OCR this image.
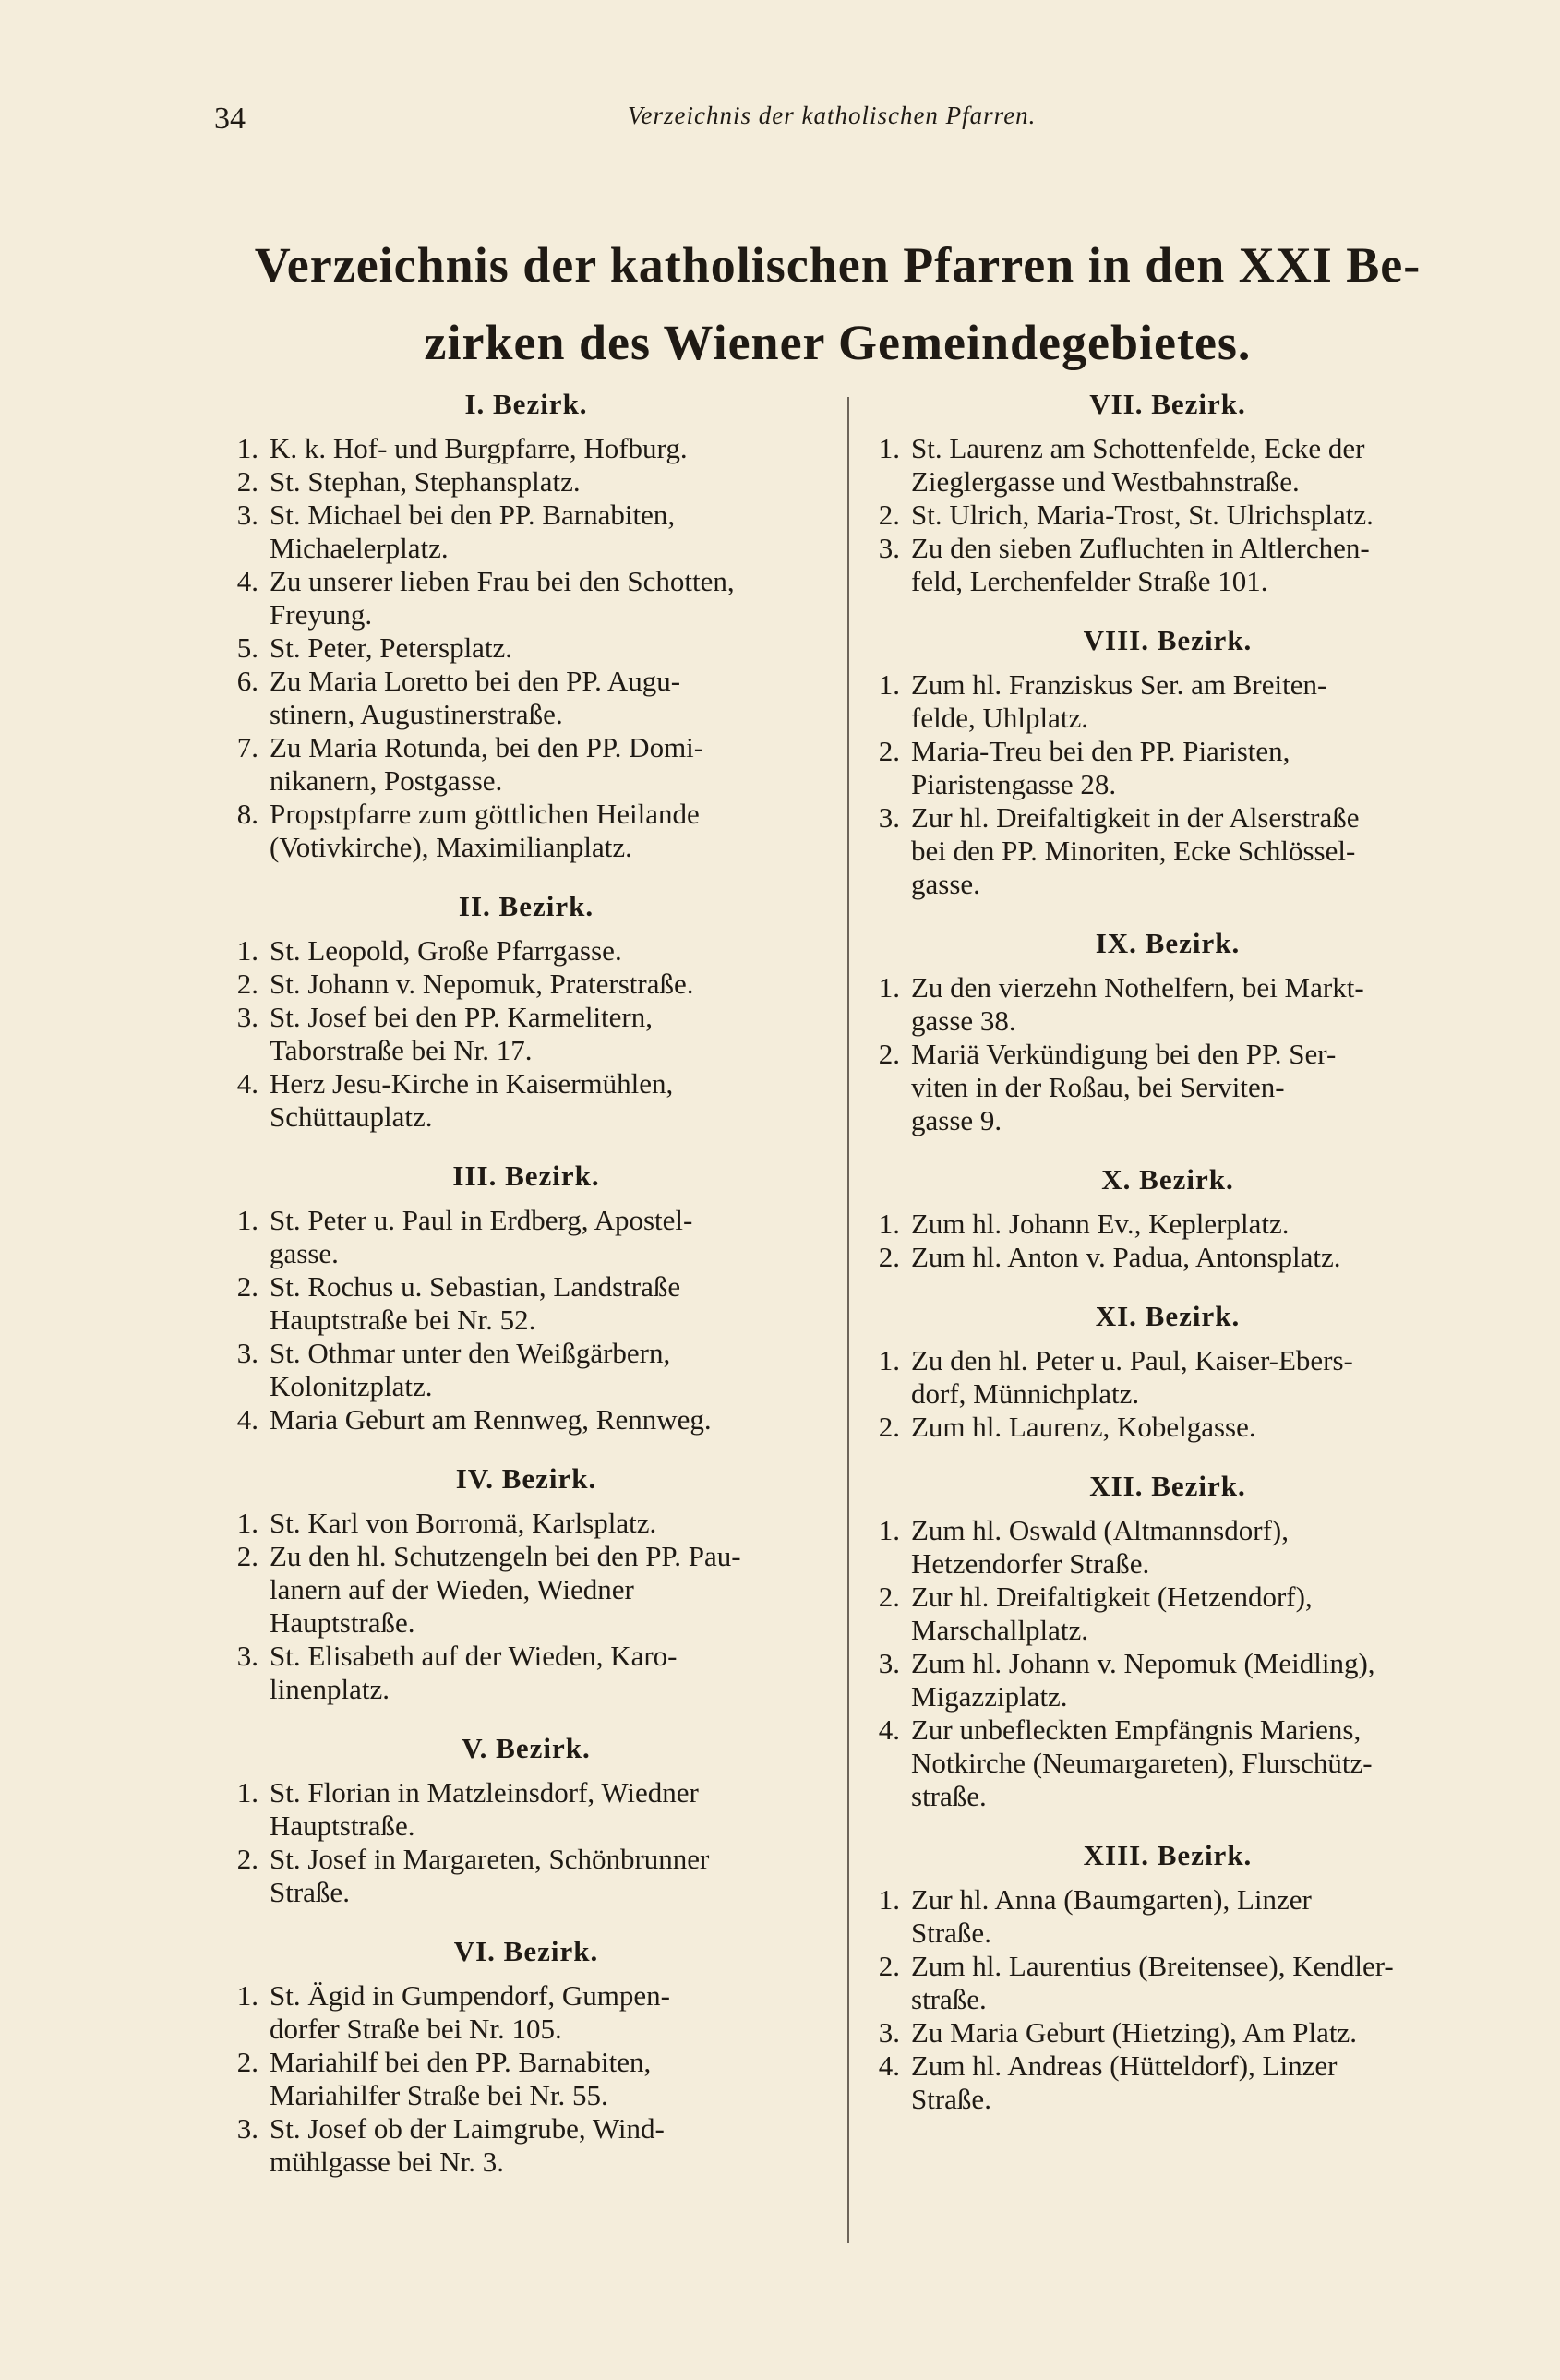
34	Verzeichnis der katholischen Pfarren.
Verzeichnis der katholischen Pfarren in den XXI Be-
zirken des Wiener Gemeindegebietes.
I. Bezirk.
1. K. k. Hof- und Burgpfarre, Hofburg.
2. St. Stephan, Stephansplatz.
3. St. Michael bei den PP. Barnabiten,
Michaelerplatz.
4. Zu unserer lieben Frau bei den Schotten,
Freyung.
5. St. Peter, Petersplatz.
6. Zu Maria Loretto bei den PP. Augu-
stinern, Augustinerstraße.
7. Zu Maria Rotunda, bei den PP. Domi-
nikanern, Postgasse.
8. Propstpfarre zum göttlichen Heilande
(Votivkirche), Maximilianplatz.
II. Bezirk.
1. St. Leopold, Große Pfarrgasse.
2. St. Johann v. Nepomuk, Praterstraße.
3. St. Josef bei den PP. Karmelitern,
Taborstraße bei Nr. 17.
4. Herz Jesu-Kirche in Kaisermühlen,
Schüttauplatz.
III. Bezirk.
1. St. Peter u. Paul in Erdberg, Apostel-
gasse.
2. St. Rochus u. Sebastian, Landstraße
Hauptstraße bei Nr. 52.
3. St. Othmar unter den Weißgärbern,
Kolonitzplatz.
4. Maria Geburt am Rennweg, Rennweg.
IV. Bezirk.
1. St. Karl von Borromä, Karlsplatz.
2. Zu den hl. Schutzengeln bei den PP. Pau-
lanern auf der Wieden, Wiedner
Hauptstraße.
3. St. Elisabeth auf der Wieden, Karo-
linenplatz.
V. Bezirk.
1. St. Florian in Matzleinsdorf, Wiedner
Hauptstraße.
2. St. Josef in Margareten, Schönbrunner
Straße.
VI. Bezirk.
1. St. Ägid in Gumpendorf, Gumpen-
dorfer Straße bei Nr. 105.
2. Mariahilf bei den PP. Barnabiten,
Mariahilfer Straße bei Nr. 55.
3. St. Josef ob der Laimgrube, Wind-
mühlgasse bei Nr. 3.
VII. Bezirk.
1. St. Laurenz am Schottenfelde, Ecke der
Zieglergasse und Westbahnstraße.
2. St. Ulrich, Maria-Trost, St. Ulrichsplatz.
3. Zu den sieben Zufluchten in Altlerchen-
feld, Lerchenfelder Straße 101.
VIII. Bezirk.
1. Zum hl. Franziskus Ser. am Breiten-
felde, Uhlplatz.
2. Maria-Treu bei den PP. Piaristen,
Piaristengasse 28.
3. Zur hl. Dreifaltigkeit in der Alserstraße
bei den PP. Minoriten, Ecke Schlössel-
gasse.
IX. Bezirk.
1. Zu den vierzehn Nothelfern, bei Markt-
gasse 38.
2. Mariä Verkündigung bei den PP. Ser-
viten in der Roßau, bei Serviten-
gasse 9.
X. Bezirk.
1. Zum hl. Johann Ev., Keplerplatz.
2. Zum hl. Anton v. Padua, Antonsplatz.
XI. Bezirk.
1. Zu den hl. Peter u. Paul, Kaiser-Ebers-
dorf, Münnichplatz.
2. Zum hl. Laurenz, Kobelgasse.
XII. Bezirk.
1. Zum hl. Oswald (Altmannsdorf),
Hetzendorfer Straße.
2. Zur hl. Dreifaltigkeit (Hetzendorf),
Marschallplatz.
3. Zum hl. Johann v. Nepomuk (Meidling),
Migazziplatz.
4. Zur unbefleckten Empfängnis Mariens,
Notkirche (Neumargareten), Flurschütz-
straße.
XIII. Bezirk.
1. Zur hl. Anna (Baumgarten), Linzer
Straße.
2. Zum hl. Laurentius (Breitensee), Kendler-
straße.
3. Zu Maria Geburt (Hietzing), Am Platz.
4. Zum hl. Andreas (Hütteldorf), Linzer
Straße.
